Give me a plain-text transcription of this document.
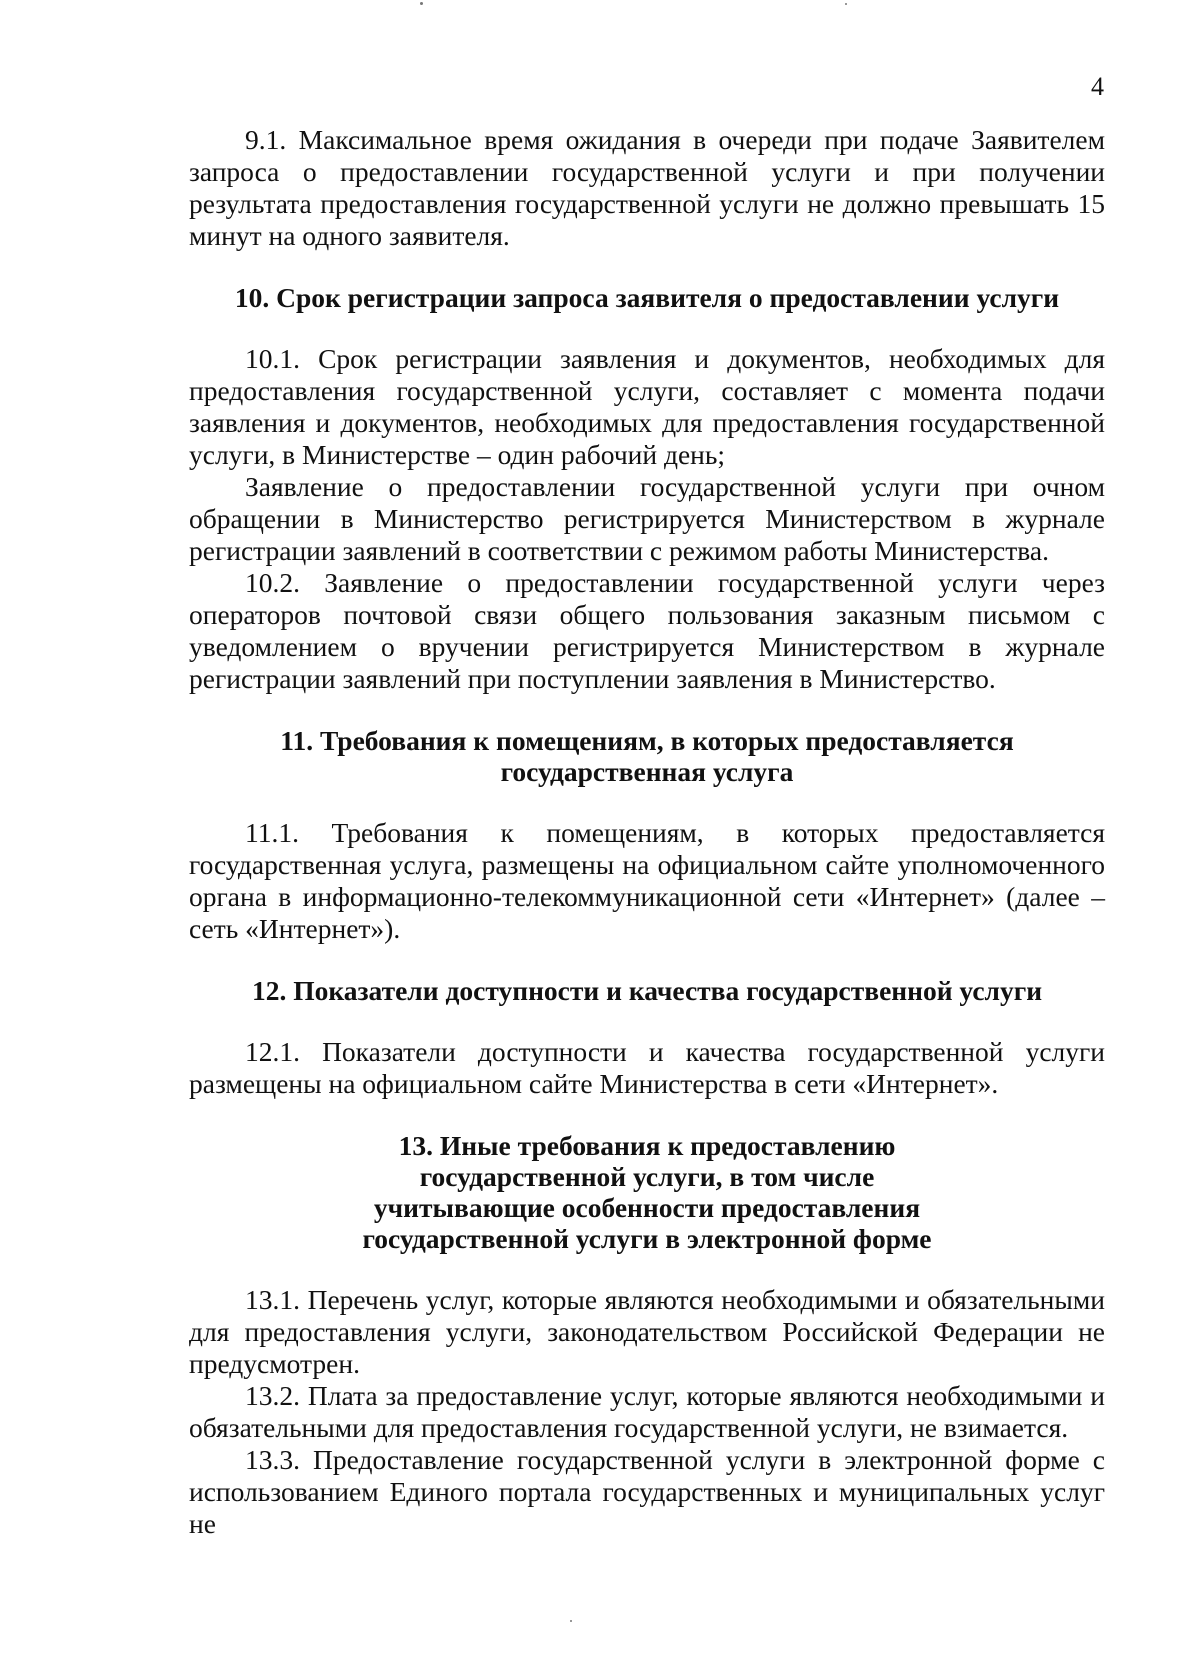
4

9.1. Максимальное время ожидания в очереди при подаче Заявителем запроса о предоставлении государственной услуги и при получении результата предоставления государственной услуги не должно превышать 15 минут на одного заявителя.

10. Срок регистрации запроса заявителя о предоставлении услуги

10.1. Срок регистрации заявления и документов, необходимых для предоставления государственной услуги, составляет с момента подачи заявления и документов, необходимых для предоставления государственной услуги, в Министерстве – один рабочий день;

Заявление о предоставлении государственной услуги при очном обращении в Министерство регистрируется Министерством в журнале регистрации заявлений в соответствии с режимом работы Министерства.

10.2. Заявление о предоставлении государственной услуги через операторов почтовой связи общего пользования заказным письмом с уведомлением о вручении регистрируется Министерством в журнале регистрации заявлений при поступлении заявления в Министерство.

11. Требования к помещениям, в которых предоставляется государственная услуга

11.1. Требования к помещениям, в которых предоставляется государственная услуга, размещены на официальном сайте уполномоченного органа в информационно-телекоммуникационной сети «Интернет» (далее – сеть «Интернет»).

12. Показатели доступности и качества государственной услуги

12.1. Показатели доступности и качества государственной услуги размещены на официальном сайте Министерства в сети «Интернет».

13. Иные требования к предоставлению государственной услуги, в том числе учитывающие особенности предоставления государственной услуги в электронной форме

13.1. Перечень услуг, которые являются необходимыми и обязательными для предоставления услуги, законодательством Российской Федерации не предусмотрен.

13.2. Плата за предоставление услуг, которые являются необходимыми и обязательными для предоставления государственной услуги, не взимается.

13.3. Предоставление государственной услуги в электронной форме с использованием Единого портала государственных и муниципальных услуг не
